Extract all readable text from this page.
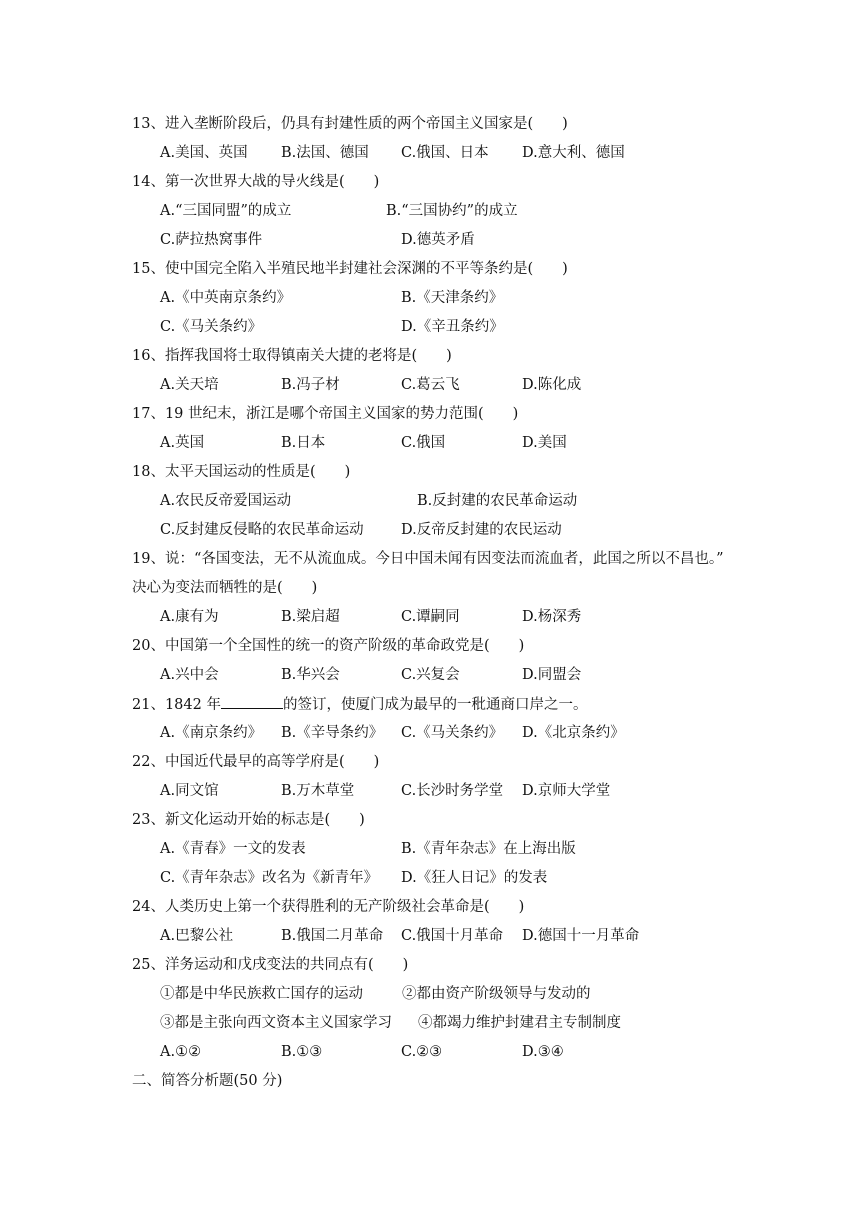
13、进入垄断阶段后，仍具有封建性质的两个帝国主义国家是(　　)
A.美国、英国 B.法国、德国 C.俄国、日本 D.意大利、德国
14、第一次世界大战的导火线是(　　)
A.“三国同盟”的成立	B.“三国协约”的成立
C.萨拉热窝事件	D.德英矛盾
15、使中国完全陷入半殖民地半封建社会深渊的不平等条约是(　　)
A.《中英南京条约》	B.《天津条约》
C.《马关条约》	D.《辛丑条约》
16、指挥我国将士取得镇南关大捷的老将是(　　)
A.关天培	B.冯子材	C.葛云飞	D.陈化成
17、19 世纪末，浙江是哪个帝国主义国家的势力范围(　　)
A.英国	B.日本	C.俄国	D.美国
18、太平天国运动的性质是(　　)
A.农民反帝爱国运动	B.反封建的农民革命运动
C.反封建反侵略的农民革命运动	D.反帝反封建的农民运动
19、说：“各国变法，无不从流血成。今日中国未闻有因变法而流血者，此国之所以不昌也。”
决心为变法而牺牲的是(　　)
A.康有为	B.梁启超	C.谭嗣同	D.杨深秀
20、中国第一个全国性的统一的资产阶级的革命政党是(　　)
A.兴中会	B.华兴会	C.兴复会	D.同盟会
21、1842 年	的签订，使厦门成为最早的一秕通商口岸之一。
A.《南京条约》 B.《辛导条约》 C.《马关条约》 D.《北京条约》
22、中国近代最早的高等学府是(　　)
A.同文馆	B.万木草堂	C.长沙时务学堂 D.京师大学堂
23、新文化运动开始的标志是(　　)
A.《青春》一文的发表	B.《青年杂志》在上海出版
C.《青年杂志》改名为《新青年》 D.《狂人日记》的发表
24、人类历史上第一个获得胜利的无产阶级社会革命是(　　)
A.巴黎公社	B.俄国二月革命 C.俄国十月革命 D.德国十一月革命
25、洋务运动和戊戌变法的共同点有(　　)
①都是中华民族救亡国存的运动	②都由资产阶级领导与发动的
③都是主张向西文资本主义国家学习 ④都竭力维护封建君主专制制度
A.①②	B.①③	C.②③	D.③④
二、简答分析题(50 分)
